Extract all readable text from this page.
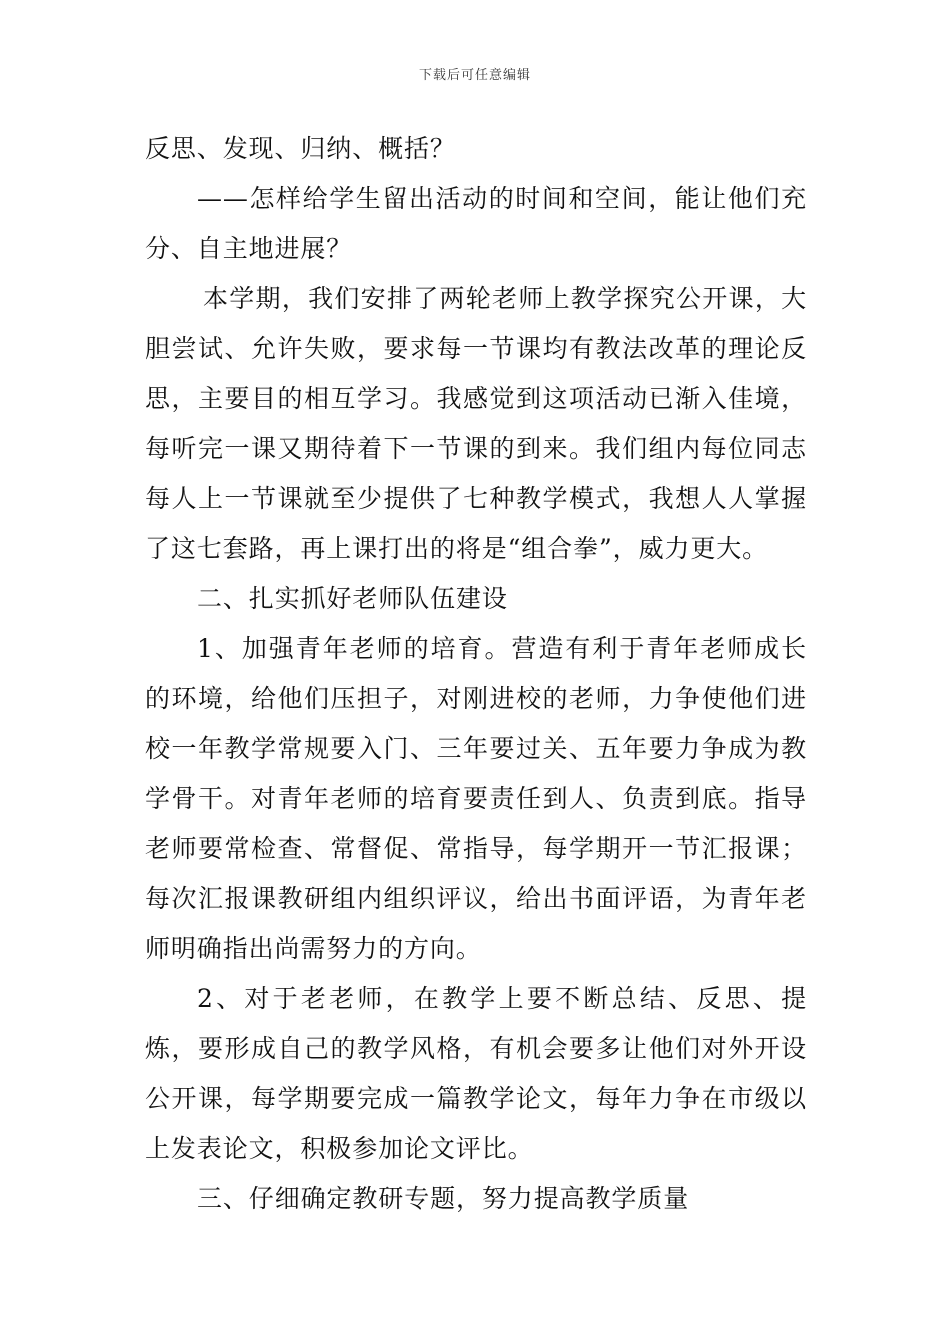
下载后可任意编辑

反思、发现、归纳、概括？

——怎样给学生留出活动的时间和空间，能让他们充分、自主地进展？

本学期，我们安排了两轮老师上教学探究公开课，大胆尝试、允许失败，要求每一节课均有教法改革的理论反思，主要目的相互学习。我感觉到这项活动已渐入佳境，每听完一课又期待着下一节课的到来。我们组内每位同志每人上一节课就至少提供了七种教学模式，我想人人掌握了这七套路，再上课打出的将是“组合拳”，威力更大。

二、扎实抓好老师队伍建设

1、加强青年老师的培育。营造有利于青年老师成长的环境，给他们压担子，对刚进校的老师，力争使他们进校一年教学常规要入门、三年要过关、五年要力争成为教学骨干。对青年老师的培育要责任到人、负责到底。指导老师要常检查、常督促、常指导，每学期开一节汇报课；每次汇报课教研组内组织评议，给出书面评语，为青年老师明确指出尚需努力的方向。

2、对于老老师，在教学上要不断总结、反思、提炼，要形成自己的教学风格，有机会要多让他们对外开设公开课，每学期要完成一篇教学论文，每年力争在市级以上发表论文，积极参加论文评比。

三、仔细确定教研专题，努力提高教学质量
